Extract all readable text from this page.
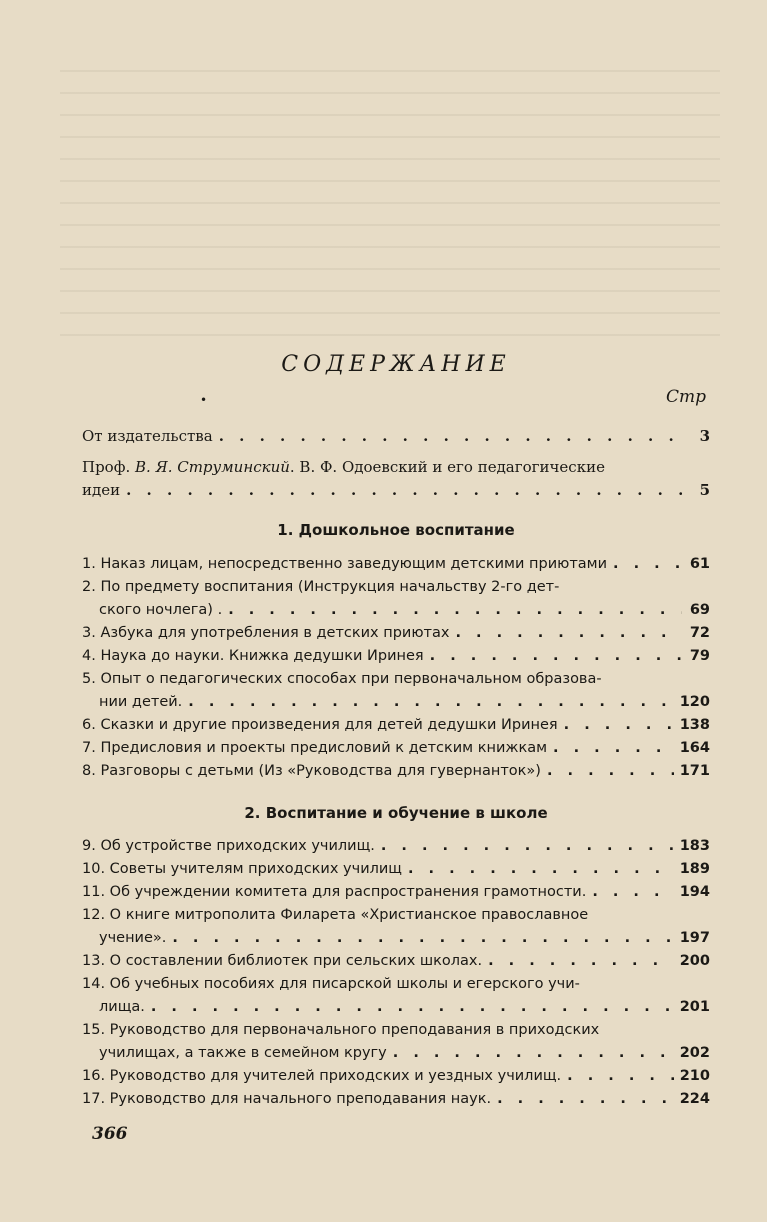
СОДЕРЖАНИЕ
•	Стр
От издательства . . .	3
Проф. В. Я. Струминский. В. Ф. Одоевский и его педагогические
идеи . . .	5
1. Дошкольное воспитание
1. Наказ лицам, непосредственно заведующим детскими приютами . . .	61
2. По предмету воспитания (Инструкция начальству 2-го дет-
ского ночлега) . . . .	69
3. Азбука для употребления в детских приютах . . .	72
4. Наука до науки. Книжка дедушки Иринея . . .	79
5. Опыт о педагогических способах при первоначальном образова-
нии детей. . . .	120
6. Сказки и другие произведения для детей дедушки Иринея . . .	138
7. Предисловия и проекты предисловий к детским книжкам . . .	164
8. Разговоры с детьми (Из «Руководства для гувернанток») . . .	171
2. Воспитание и обучение в школе
9. Об устройстве приходских училищ. . . .	183
10. Советы учителям приходских училищ . . .	189
11. Об учреждении комитета для распространения грамотности. . . .	194
12. О книге митрополита Филарета «Христианское православное
учение». . . .	197
13. О составлении библиотек при сельских школах. . . .	200
14. Об учебных пособиях для писарской школы и егерского учи-
лища. . . .	201
15. Руководство для первоначального преподавания в приходских
училищах, а также в семейном кругу . . .	202
16. Руководство для учителей приходских и уездных училищ. . . .	210
17. Руководство для начального преподавания наук. . . .	224
366
